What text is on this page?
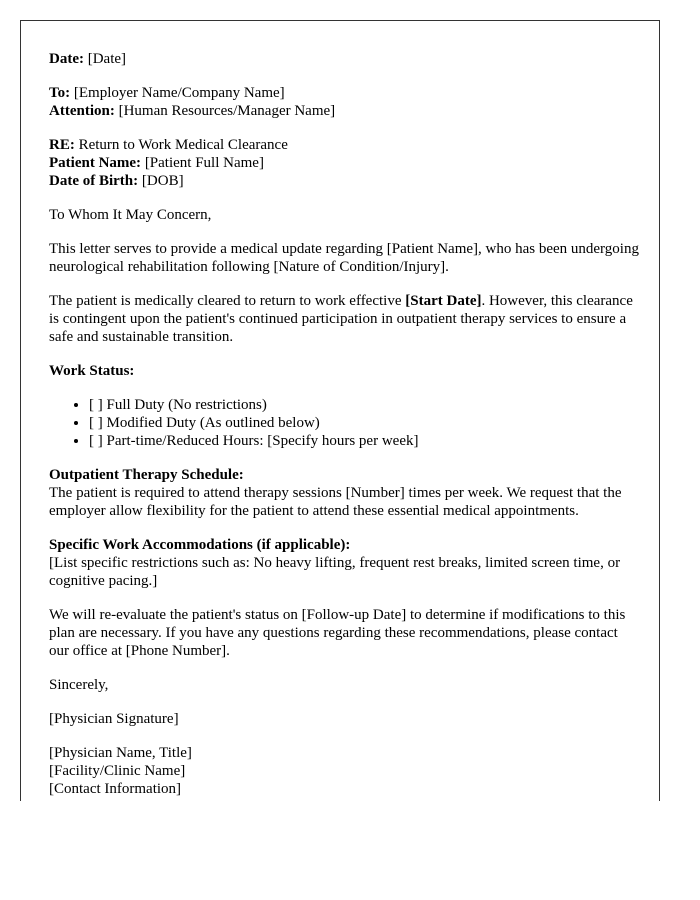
Date: [Date]
To: [Employer Name/Company Name]
Attention: [Human Resources/Manager Name]
RE: Return to Work Medical Clearance
Patient Name: [Patient Full Name]
Date of Birth: [DOB]

To Whom It May Concern,

This letter serves to provide a medical update regarding [Patient Name], who has been undergoing neurological rehabilitation following [Nature of Condition/Injury].

The patient is medically cleared to return to work effective [Start Date]. However, this clearance is contingent upon the patient's continued participation in outpatient therapy services to ensure a safe and sustainable transition.

Work Status:

• [ ] Full Duty (No restrictions)
• [ ] Modified Duty (As outlined below)
• [ ] Part-time/Reduced Hours: [Specify hours per week]
Outpatient Therapy Schedule:
The patient is required to attend therapy sessions [Number] times per week. We request that the employer allow flexibility for the patient to attend these essential medical appointments.
Specific Work Accommodations (if applicable):
[List specific restrictions such as: No heavy lifting, frequent rest breaks, limited screen time, or cognitive pacing.]

We will re-evaluate the patient's status on [Follow-up Date] to determine if modifications to this plan are necessary. If you have any questions regarding these recommendations, please contact our office at [Phone Number].

Sincerely,

[Physician Signature]

[Physician Name, Title]
[Facility/Clinic Name]
[Contact Information]
